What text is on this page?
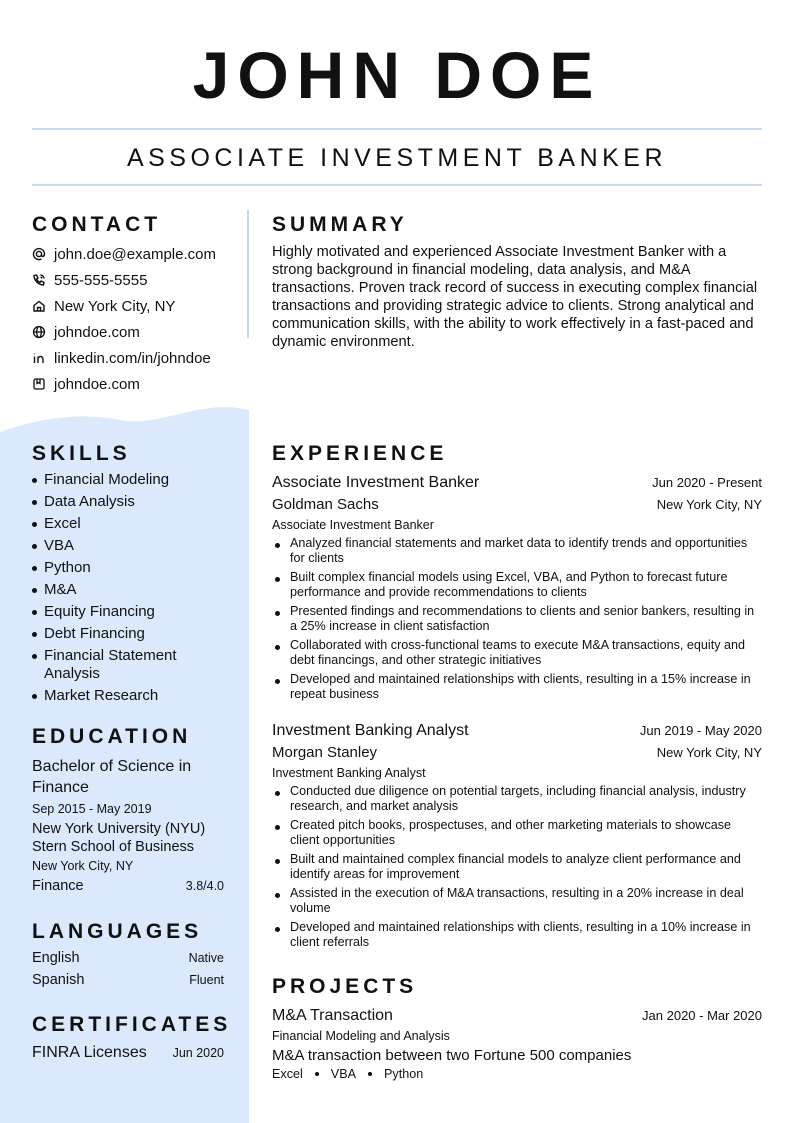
JOHN DOE
ASSOCIATE INVESTMENT BANKER
CONTACT
john.doe@example.com
555-555-5555
New York City, NY
johndoe.com
linkedin.com/in/johndoe
johndoe.com
SUMMARY
Highly motivated and experienced Associate Investment Banker with a strong background in financial modeling, data analysis, and M&A transactions. Proven track record of success in executing complex financial transactions and providing strategic advice to clients. Strong analytical and communication skills, with the ability to work effectively in a fast-paced and dynamic environment.
SKILLS
Financial Modeling
Data Analysis
Excel
VBA
Python
M&A
Equity Financing
Debt Financing
Financial Statement Analysis
Market Research
EDUCATION
Bachelor of Science in Finance
Sep 2015 - May 2019
New York University (NYU) Stern School of Business
New York City, NY
Finance	3.8/4.0
LANGUAGES
English	Native
Spanish	Fluent
CERTIFICATES
FINRA Licenses Jun 2020
EXPERIENCE
Associate Investment Banker	Jun 2020 - Present
Goldman Sachs	New York City, NY
Associate Investment Banker
Analyzed financial statements and market data to identify trends and opportunities for clients
Built complex financial models using Excel, VBA, and Python to forecast future performance and provide recommendations to clients
Presented findings and recommendations to clients and senior bankers, resulting in a 25% increase in client satisfaction
Collaborated with cross-functional teams to execute M&A transactions, equity and debt financings, and other strategic initiatives
Developed and maintained relationships with clients, resulting in a 15% increase in repeat business
Investment Banking Analyst	Jun 2019 - May 2020
Morgan Stanley	New York City, NY
Investment Banking Analyst
Conducted due diligence on potential targets, including financial analysis, industry research, and market analysis
Created pitch books, prospectuses, and other marketing materials to showcase client opportunities
Built and maintained complex financial models to analyze client performance and identify areas for improvement
Assisted in the execution of M&A transactions, resulting in a 20% increase in deal volume
Developed and maintained relationships with clients, resulting in a 10% increase in client referrals
PROJECTS
M&A Transaction	Jan 2020 - Mar 2020
Financial Modeling and Analysis
M&A transaction between two Fortune 500 companies
Excel VBA Python
